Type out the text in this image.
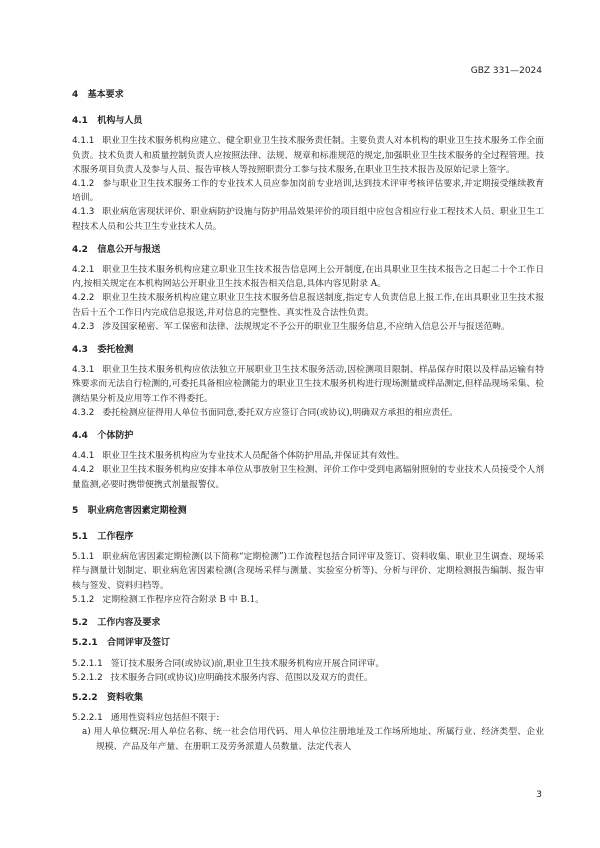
GBZ 331—2024
4 基本要求
4.1 机构与人员

4.1.1 职业卫生技术服务机构应建立、健全职业卫生技术服务责任制。主要负责人对本机构的职业卫生技术服务工作全面负责。技术负责人和质量控制负责人应按照法律、法规、规章和标准规范的规定,加强职业卫生技术服务的全过程管理。技术服务项目负责人及参与人员、报告审核人等按照职责分工参与技术服务,在职业卫生技术报告及原始记录上签字。

4.1.2 参与职业卫生技术服务工作的专业技术人员应参加岗前专业培训,达到技术评审考核评估要求,并定期接受继续教育培训。

4.1.3 职业病危害现状评价、职业病防护设施与防护用品效果评价的项目组中应包含相应行业工程技术人员、职业卫生工程技术人员和公共卫生专业技术人员。

4.2 信息公开与报送

4.2.1 职业卫生技术服务机构应建立职业卫生技术报告信息网上公开制度,在出具职业卫生技术报告之日起二十个工作日内,按相关规定在本机构网站公开职业卫生技术报告相关信息,具体内容见附录 A。

4.2.2 职业卫生技术服务机构应建立职业卫生技术服务信息报送制度,指定专人负责信息上报工作,在出具职业卫生技术报告后十五个工作日内完成信息报送,并对信息的完整性、真实性及合法性负责。

4.2.3 涉及国家秘密、军工保密和法律、法规规定不予公开的职业卫生服务信息,不应纳入信息公开与报送范畴。

4.3 委托检测

4.3.1 职业卫生技术服务机构应依法独立开展职业卫生技术服务活动,因检测项目限制、样品保存时限以及样品运输有特殊要求而无法自行检测的,可委托具备相应检测能力的职业卫生技术服务机构进行现场测量或样品测定,但样品现场采集、检测结果分析及应用等工作不得委托。

4.3.2 委托检测应征得用人单位书面同意,委托双方应签订合同(或协议),明确双方承担的相应责任。

4.4 个体防护

4.4.1 职业卫生技术服务机构应为专业技术人员配备个体防护用品,并保证其有效性。

4.4.2 职业卫生技术服务机构应安排本单位从事放射卫生检测、评价工作中受到电离辐射照射的专业技术人员接受个人剂量监测,必要时携带便携式剂量报警仪。

5 职业病危害因素定期检测
5.1 工作程序

5.1.1 职业病危害因素定期检测(以下简称“定期检测”)工作流程包括合同评审及签订、资料收集、职业卫生调查、现场采样与测量计划制定、职业病危害因素检测(含现场采样与测量、实验室分析等)、分析与评价、定期检测报告编制、报告审核与签发、资料归档等。

5.1.2 定期检测工作程序应符合附录 B 中 B.1。

5.2 工作内容及要求
5.2.1 合同评审及签订

5.2.1.1 签订技术服务合同(或协议)前,职业卫生技术服务机构应开展合同评审。

5.2.1.2 技术服务合同(或协议)应明确技术服务内容、范围以及双方的责任。

5.2.2 资料收集

5.2.2.1 通用性资料应包括但不限于:

a) 用人单位概况:用人单位名称、统一社会信用代码、用人单位注册地址及工作场所地址、所属行业、经济类型、企业规模、产品及年产量、在册职工及劳务派遣人员数量、法定代表人

3
